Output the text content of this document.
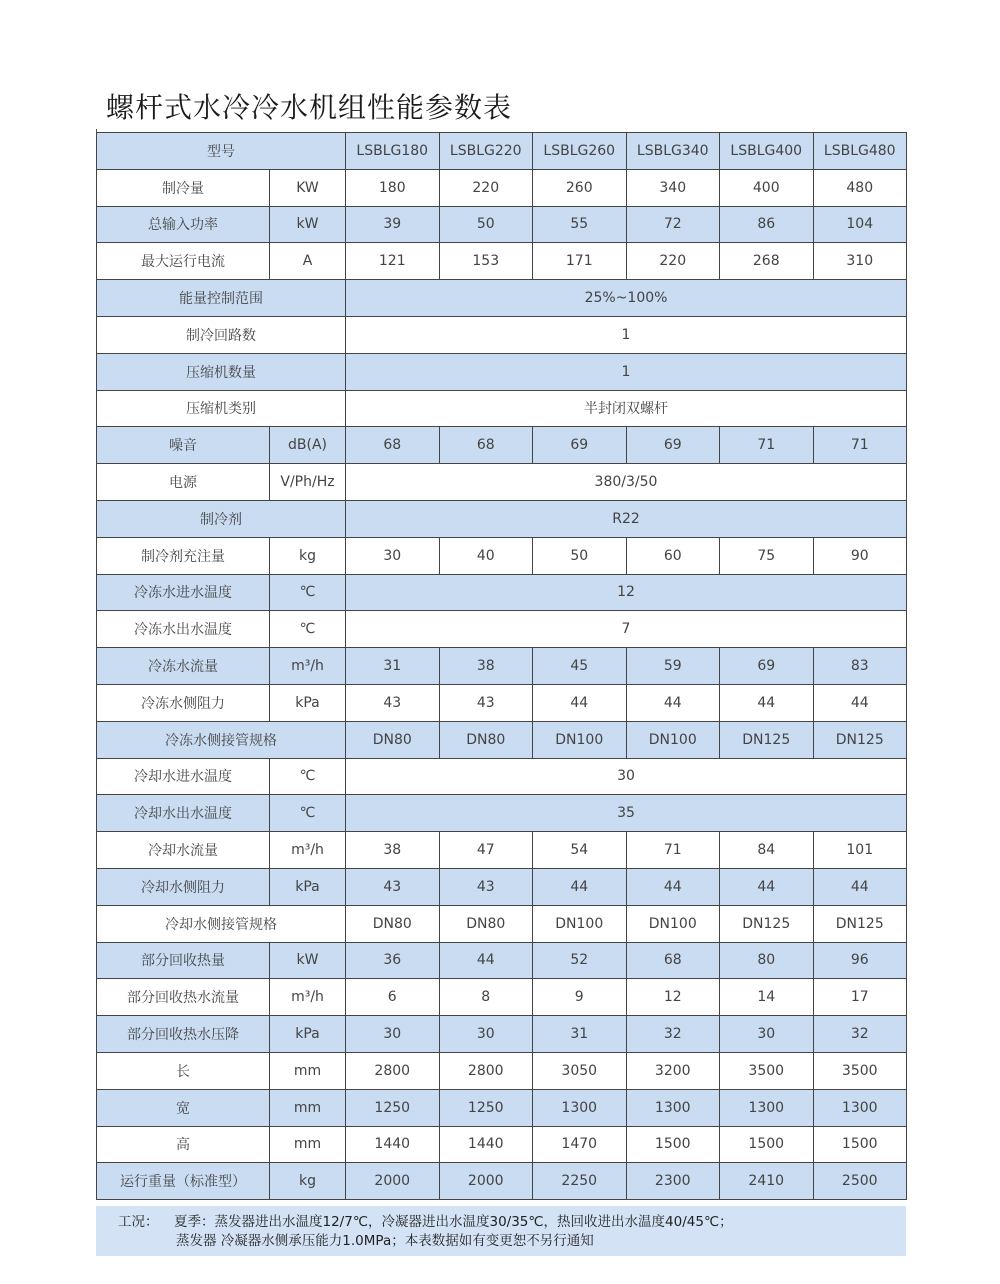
螺杆式水冷冷水机组性能参数表
型号		LSBLG180	LSBLG220	LSBLG260	LSBLG340	LSBLG400	LSBLG480
制冷量	KW	180	220	260	340	400	480
总输入功率	kW	39	50	55	72	86	104
最大运行电流	A	121	153	171	220	268	310
能量控制范围		25%~100%					
制冷回路数		1					
压缩机数量		1					
压缩机类别		半封闭双螺杆					
噪音	dB(A)	68	68	69	69	71	71
电源	V/Ph/Hz	380/3/50					
制冷剂		R22					
制冷剂充注量	kg	30	40	50	60	75	90
冷冻水进水温度	℃	12					
冷冻水出水温度	℃	7					
冷冻水流量	m³/h	31	38	45	59	69	83
冷冻水侧阻力	kPa	43	43	44	44	44	44
冷冻水侧接管规格		DN80	DN80	DN100	DN100	DN125	DN125
冷却水进水温度	℃	30					
冷却水出水温度	℃	35					
冷却水流量	m³/h	38	47	54	71	84	101
冷却水侧阻力	kPa	43	43	44	44	44	44
冷却水侧接管规格		DN80	DN80	DN100	DN100	DN125	DN125
部分回收热量	kW	36	44	52	68	80	96
部分回收热水流量	m³/h	6	8	9	12	14	17
部分回收热水压降	kPa	30	30	31	32	30	32
长	mm	2800	2800	3050	3200	3500	3500
宽	mm	1250	1250	1300	1300	1300	1300
高	mm	1440	1440	1470	1500	1500	1500
运行重量（标准型）	kg	2000	2000	2250	2300	2410	2500
工况： 夏季：蒸发器进出水温度12/7℃，冷凝器进出水温度30/35℃，热回收进出水温度40/45℃；
蒸发器 冷凝器水侧承压能力1.0MPa；本表数据如有变更恕不另行通知
